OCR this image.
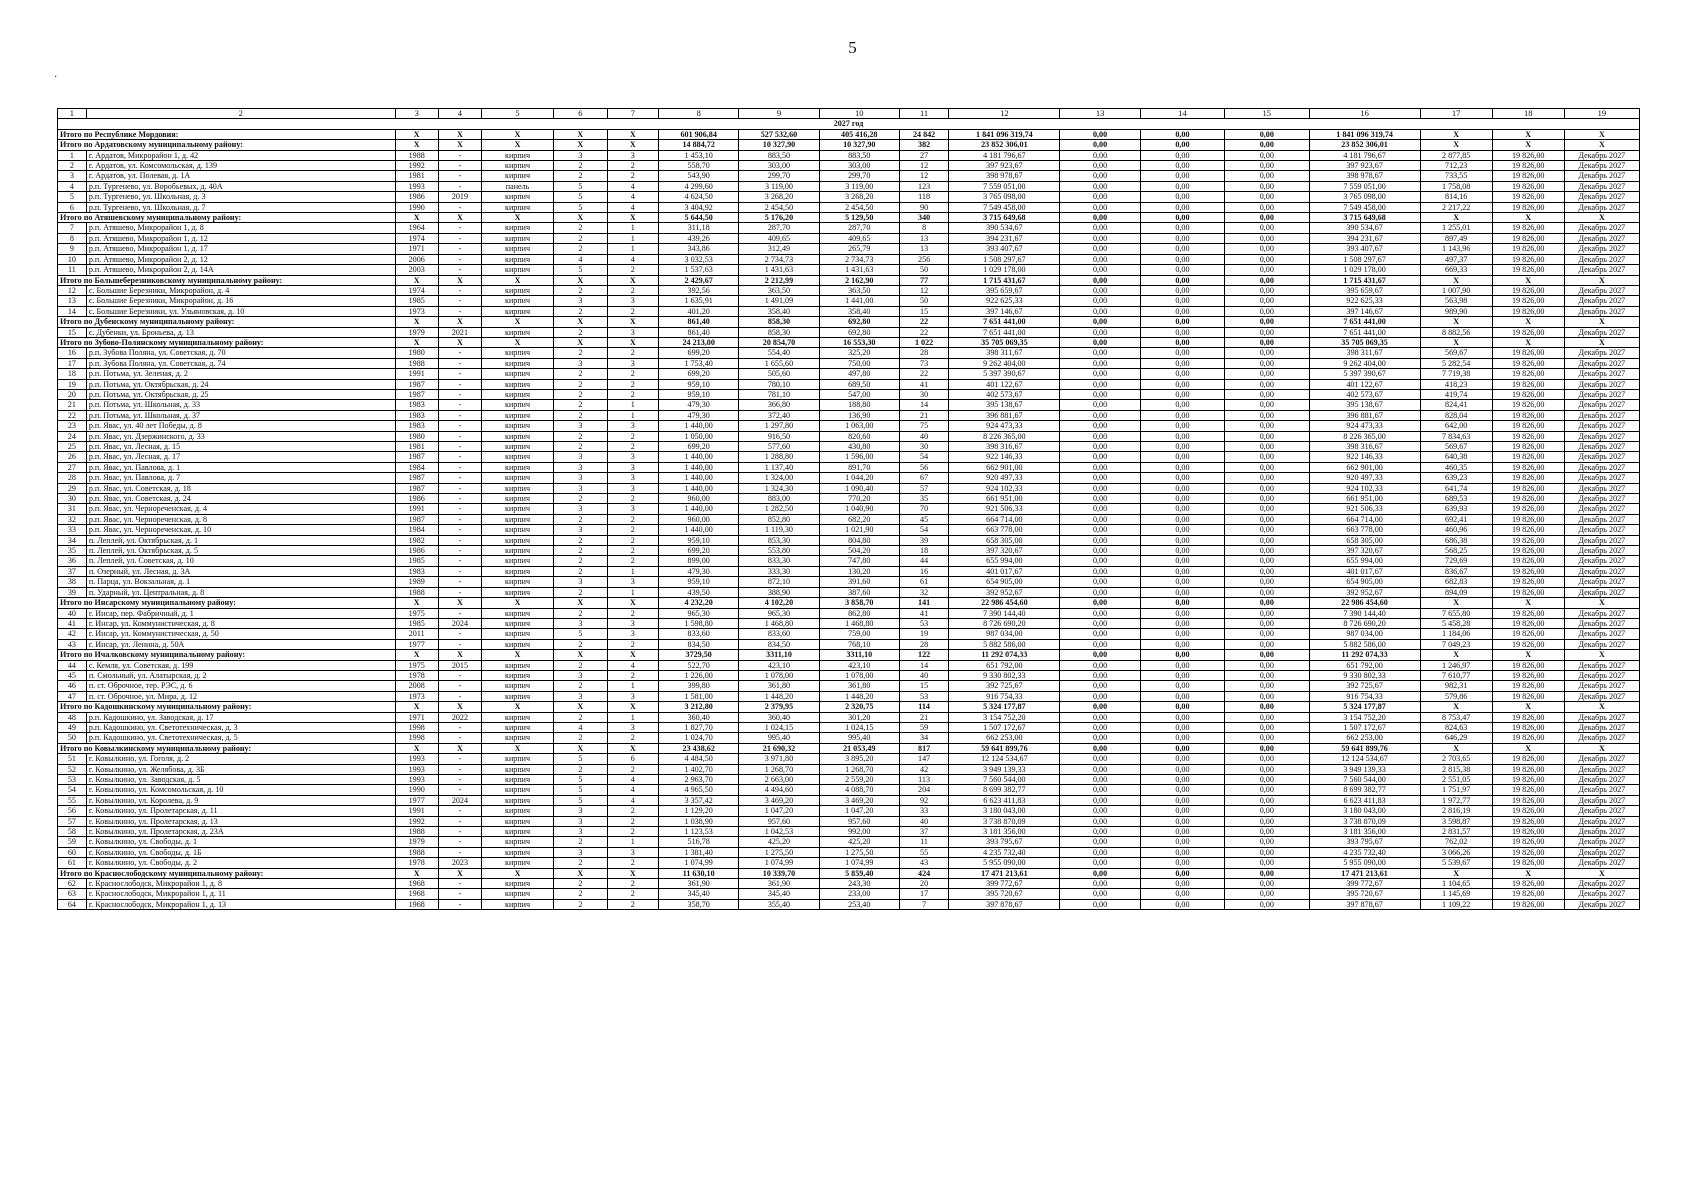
5
·
1	2	3	4	5	6	7	8	9	10	11	12	13	14	15	16	17	18	19
2027 год																		
Итого по Республике Мордовия:		X	X	X	X	X	601 906,84	527 532,60	405 416,28	24 842	1 841 096 319,74	0,00	0,00	0,00	1 841 096 319,74	X	X	X
Итого по Ардатовскому муниципальному району:		X	X	X	X	X	14 884,72	10 327,90	10 327,90	382	23 852 306,01	0,00	0,00	0,00	23 852 306,01	X	X	X
1	г. Ардатов, Микрорайон 1, д. 42	1988	-	кирпич	3	3	1 453,10	883,50	883,50	27	4 181 796,67	0,00	0,00	0,00	4 181 796,67	2 877,85	19 826,00	Декабрь 2027
2	г. Ардатов, ул. Комсомольская, д. 139	1992	-	кирпич	2	2	558,70	303,00	303,00	12	397 923,67	0,00	0,00	0,00	397 923,67	712,23	19 826,00	Декабрь 2027
3	г. Ардатов, ул. Полевая, д. 1А	1981	-	кирпич	2	2	543,90	299,70	299,70	12	398 978,67	0,00	0,00	0,00	398 978,67	733,55	19 826,00	Декабрь 2027
4	р.п. Тургенево, ул. Воробьевых, д. 40А	1993	-	панель	5	4	4 299,60	3 119,00	3 119,00	123	7 559 051,00	0,00	0,00	0,00	7 559 051,00	1 758,08	19 826,00	Декабрь 2027
5	р.п. Тургенево, ул. Школьная, д. 3	1986	2019	кирпич	5	4	4 624,50	3 268,20	3 268,20	118	3 765 098,00	0,00	0,00	0,00	3 765 098,00	814,16	19 826,00	Декабрь 2027
6	р.п. Тургенево, ул. Школьная, д. 7	1990	-	кирпич	5	4	3 404,92	2 454,50	2 454,50	90	7 549 458,00	0,00	0,00	0,00	7 549 458,00	2 217,22	19 826,00	Декабрь 2027
Итого по Атяшевскому муниципальному району:		X	X	X	X	X	5 644,50	5 176,20	5 129,50	340	3 715 649,68	0,00	0,00	0,00	3 715 649,68	X	X	X
7	р.п. Атяшево, Микрорайон 1, д. 8	1964	-	кирпич	2	1	311,18	287,70	287,70	8	390 534,67	0,00	0,00	0,00	390 534,67	1 255,01	19 826,00	Декабрь 2027
8	р.п. Атяшево, Микрорайон 1, д. 12	1974	-	кирпич	2	1	439,26	409,65	409,65	13	394 231,67	0,00	0,00	0,00	394 231,67	897,49	19 826,00	Декабрь 2027
9	р.п. Атяшево, Микрорайон 1, д. 17	1971	-	кирпич	2	1	343,86	312,49	265,79	13	393 407,67	0,00	0,00	0,00	393 407,67	1 143,96	19 826,00	Декабрь 2027
10	р.п. Атяшево, Микрорайон 2, д. 12	2006	-	кирпич	4	4	3 032,53	2 734,73	2 734,73	256	1 508 297,67	0,00	0,00	0,00	1 508 297,67	497,37	19 826,00	Декабрь 2027
11	р.п. Атяшево, Микрорайон 2, д. 14А	2003	-	кирпич	5	2	1 537,63	1 431,63	1 431,63	50	1 029 178,00	0,00	0,00	0,00	1 029 178,00	669,33	19 826,00	Декабрь 2027
Итого по Большеберезниковскому муниципальному району:		X	X	X	X	X	2 429,67	2 212,99	2 162,90	77	1 715 431,67	0,00	0,00	0,00	1 715 431,67	X	X	X
12	с. Большие Березники, Микрорайон, д. 4	1974	-	кирпич	2	2	392,56	363,50	363,50	12	395 659,67	0,00	0,00	0,00	395 659,67	1 007,90	19 826,00	Декабрь 2027
13	с. Большие Березники, Микрорайон, д. 16	1985	-	кирпич	3	3	1 635,91	1 491,09	1 441,00	50	922 625,33	0,00	0,00	0,00	922 625,33	563,98	19 826,00	Декабрь 2027
14	с. Большие Березники, ул. Ульяновская, д. 10	1973	-	кирпич	2	2	401,20	358,40	358,40	15	397 146,67	0,00	0,00	0,00	397 146,67	989,90	19 826,00	Декабрь 2027
Итого по Дубенскому муниципальному району:		X	X	X	X	X	861,40	858,30	692,80	22	7 651 441,00	0,00	0,00	0,00	7 651 441,00	X	X	X
15	с. Дубенки, ул. Броньева, д. 13	1979	2021	кирпич	2	3	861,40	858,30	692,80	22	7 651 441,00	0,00	0,00	0,00	7 651 441,00	8 882,56	19 826,00	Декабрь 2027
Итого по Зубово-Полянскому муниципальному району:		X	X	X	X	X	24 213,00	20 854,70	16 553,30	1 022	35 705 069,35	0,00	0,00	0,00	35 705 069,35	X	X	X
16	р.п. Зубова Поляна, ул. Советская, д. 70	1980	-	кирпич	2	2	699,20	554,40	325,20	28	398 311,67	0,00	0,00	0,00	398 311,67	569,67	19 826,00	Декабрь 2027
17	р.п. Зубова Поляна, ул. Советская, д. 74	1988	-	кирпич	3	3	1 753,40	1 655,60	750,00	73	9 262 404,00	0,00	0,00	0,00	9 262 404,00	5 282,54	19 826,00	Декабрь 2027
18	р.п. Потьма, ул. Зеленая, д. 2	1991	-	кирпич	2	2	699,20	505,60	497,80	22	5 397 390,67	0,00	0,00	0,00	5 397 390,67	7 719,38	19 826,00	Декабрь 2027
19	р.п. Потьма, ул. Октябрьская, д. 24	1987	-	кирпич	2	2	959,10	780,10	689,50	41	401 122,67	0,00	0,00	0,00	401 122,67	418,23	19 826,00	Декабрь 2027
20	р.п. Потьма, ул. Октябрьская, д. 25	1987	-	кирпич	2	2	959,10	781,10	547,00	30	402 573,67	0,00	0,00	0,00	402 573,67	419,74	19 826,00	Декабрь 2027
21	р.п. Потьма, ул. Школьная, д. 33	1983	-	кирпич	2	1	479,30	366,80	188,80	14	395 138,67	0,00	0,00	0,00	395 138,67	824,41	19 826,00	Декабрь 2027
22	р.п. Потьма, ул. Школьная, д. 37	1983	-	кирпич	2	1	479,30	372,40	136,90	21	396 881,67	0,00	0,00	0,00	396 881,67	828,04	19 826,00	Декабрь 2027
23	р.п. Явас, ул. 40 лет Победы, д. 8	1983	-	кирпич	3	3	1 440,00	1 297,80	1 063,00	75	924 473,33	0,00	0,00	0,00	924 473,33	642,00	19 826,00	Декабрь 2027
24	р.п. Явас, ул. Дзержинского, д. 33	1980	-	кирпич	2	2	1 050,00	916,50	820,60	40	8 226 365,00	0,00	0,00	0,00	8 226 365,00	7 834,63	19 826,00	Декабрь 2027
25	р.п. Явас, ул. Лесная, д. 15	1981	-	кирпич	2	2	699,20	577,60	430,80	30	398 316,67	0,00	0,00	0,00	398 316,67	569,67	19 826,00	Декабрь 2027
26	р.п. Явас, ул. Лесная, д. 17	1987	-	кирпич	3	3	1 440,00	1 288,80	1 596,00	54	922 146,33	0,00	0,00	0,00	922 146,33	640,38	19 826,00	Декабрь 2027
27	р.п. Явас, ул. Павлова, д. 1	1984	-	кирпич	3	3	1 440,00	1 137,40	891,70	56	662 901,00	0,00	0,00	0,00	662 901,00	460,35	19 826,00	Декабрь 2027
28	р.п. Явас, ул. Павлова, д. 7	1987	-	кирпич	3	3	1 440,00	1 324,00	1 044,20	67	920 497,33	0,00	0,00	0,00	920 497,33	639,23	19 826,00	Декабрь 2027
29	р.п. Явас, ул. Советская, д. 18	1987	-	кирпич	3	3	1 440,00	1 324,30	1 090,40	57	924 102,33	0,00	0,00	0,00	924 102,33	641,74	19 826,00	Декабрь 2027
30	р.п. Явас, ул. Советская, д. 24	1986	-	кирпич	2	2	960,00	883,00	770,20	35	661 951,00	0,00	0,00	0,00	661 951,00	689,53	19 826,00	Декабрь 2027
31	р.п. Явас, ул. Чернореченская, д. 4	1991	-	кирпич	3	3	1 440,00	1 282,50	1 040,90	70	921 506,33	0,00	0,00	0,00	921 506,33	639,93	19 826,00	Декабрь 2027
32	р.п. Явас, ул. Чернореченская, д. 8	1987	-	кирпич	2	2	960,00	852,80	682,20	45	664 714,00	0,00	0,00	0,00	664 714,00	692,41	19 826,00	Декабрь 2027
33	р.п. Явас, ул. Чернореченская, д. 10	1984	-	кирпич	3	2	1 440,00	1 119,30	1 021,90	54	663 778,00	0,00	0,00	0,00	663 778,00	460,96	19 826,00	Декабрь 2027
34	п. Леплей, ул. Октябрьская, д. 1	1982	-	кирпич	2	2	959,10	853,30	804,80	39	658 305,00	0,00	0,00	0,00	658 305,00	686,38	19 826,00	Декабрь 2027
35	п. Леплей, ул. Октябрьская, д. 5	1986	-	кирпич	2	2	699,20	553,80	504,20	18	397 320,67	0,00	0,00	0,00	397 320,67	568,25	19 826,00	Декабрь 2027
36	п. Леплей, ул. Советская, д. 10	1985	-	кирпич	2	2	899,00	833,30	747,80	44	655 994,00	0,00	0,00	0,00	655 994,00	729,69	19 826,00	Декабрь 2027
37	п. Озерный, ул. Лесная, д. 3А	1983	-	кирпич	2	1	479,30	333,30	130,20	16	401 017,67	0,00	0,00	0,00	401 017,67	836,67	19 826,00	Декабрь 2027
38	п. Парца, ул. Вокзальная, д. 1	1989	-	кирпич	3	3	959,10	872,10	391,60	61	654 905,00	0,00	0,00	0,00	654 905,00	682,83	19 826,00	Декабрь 2027
39	п. Ударный, ул. Центральная, д. 8	1988	-	кирпич	2	1	439,50	388,90	387,60	32	392 952,67	0,00	0,00	0,00	392 952,67	894,09	19 826,00	Декабрь 2027
Итого по Инсарскому муниципальному району:		X	X	X	X	X	4 232,20	4 102,20	3 858,70	141	22 986 454,60	0,00	0,00	0,00	22 986 454,60	X	X	X
40	г. Инсар, пер. Фабричный, д. 1	1975	-	кирпич	2	2	965,30	965,30	862,80	41	7 390 144,40	0,00	0,00	0,00	7 390 144,40	7 655,80	19 826,00	Декабрь 2027
41	г. Инсар, ул. Коммунистическая, д. 8	1985	2024	кирпич	3	3	1 598,80	1 468,80	1 468,80	53	8 726 690,20	0,00	0,00	0,00	8 726 690,20	5 458,28	19 826,00	Декабрь 2027
42	г. Инсар, ул. Коммунистическая, д. 50	2011	-	кирпич	5	3	833,60	833,60	759,00	19	987 034,00	0,00	0,00	0,00	987 034,00	1 184,06	19 826,00	Декабрь 2027
43	г. Инсар, ул. Ленина, д. 50А	1977	-	кирпич	2	2	834,50	834,50	768,10	28	5 882 586,00	0,00	0,00	0,00	5 882 586,00	7 049,23	19 826,00	Декабрь 2027
Итого по Ичалковскому муниципальному району:		X	X	X	X	X	3729,50	3311,10	3311,10	122	11 292 074,33	0,00	0,00	0,00	11 292 074,33	X	X	X
44	с. Кемля, ул. Советская, д. 199	1975	2015	кирпич	2	4	522,70	423,10	423,10	14	651 792,00	0,00	0,00	0,00	651 792,00	1 246,97	19 826,00	Декабрь 2027
45	п. Смольный, ул. Алатырская, д. 2	1978	-	кирпич	3	2	1 226,00	1 078,00	1 078,00	40	9 330 802,33	0,00	0,00	0,00	9 330 802,33	7 610,77	19 826,00	Декабрь 2027
46	п. ст. Оброчное, тер. РЭС, д. 6	2008	-	кирпич	2	1	399,80	361,80	361,80	15	392 725,67	0,00	0,00	0,00	392 725,67	982,31	19 826,00	Декабрь 2027
47	п. ст. Оброчное, ул. Мира, д. 12	1973	-	кирпич	3	3	1 581,00	1 448,20	1 448,20	53	916 754,33	0,00	0,00	0,00	916 754,33	579,86	19 826,00	Декабрь 2027
Итого по Кадошкинскому муниципальному району:		X	X	X	X	X	3 212,80	2 379,95	2 320,75	114	5 324 177,87	0,00	0,00	0,00	5 324 177,87	X	X	X
48	р.п. Кадошкино, ул. Заводская, д. 17	1971	2022	кирпич	2	1	360,40	360,40	301,20	21	3 154 752,20	0,00	0,00	0,00	3 154 752,20	8 753,47	19 826,00	Декабрь 2027
49	р.п. Кадошкино, ул. Светотехническая, д. 3	1998	-	кирпич	4	3	1 827,70	1 024,15	1 024,15	59	1 507 172,67	0,00	0,00	0,00	1 507 172,67	824,63	19 826,00	Декабрь 2027
50	р.п. Кадошкино, ул. Светотехническая, д. 5	1998	-	кирпич	2	2	1 024,70	995,40	995,40	34	662 253,00	0,00	0,00	0,00	662 253,00	646,29	19 826,00	Декабрь 2027
Итого по Ковылкинскому муниципальному району:		X	X	X	X	X	23 438,62	21 690,32	21 053,49	817	59 641 899,76	0,00	0,00	0,00	59 641 899,76	X	X	X
51	г. Ковылкино, ул. Гоголя, д. 2	1993	-	кирпич	5	6	4 484,50	3 971,80	3 895,20	147	12 124 534,67	0,00	0,00	0,00	12 124 534,67	2 703,65	19 826,00	Декабрь 2027
52	г. Ковылкино, ул. Желябова, д. 3Б	1993	-	кирпич	2	2	1 402,70	1 268,70	1 268,70	42	3 949 139,33	0,00	0,00	0,00	3 949 139,33	2 815,38	19 826,00	Декабрь 2027
53	г. Ковылкино, ул. Заводская, д. 5	1993	-	кирпич	5	4	2 963,70	2 663,00	2 559,20	113	7 560 544,00	0,00	0,00	0,00	7 560 544,00	2 551,05	19 826,00	Декабрь 2027
54	г. Ковылкино, ул. Комсомольская, д. 10	1990	-	кирпич	5	4	4 965,50	4 494,60	4 088,70	204	8 699 382,77	0,00	0,00	0,00	8 699 382,77	1 751,97	19 826,00	Декабрь 2027
55	г. Ковылкино, ул. Королева, д. 9	1977	2024	кирпич	5	4	3 357,42	3 469,20	3 469,20	92	6 623 411,83	0,00	0,00	0,00	6 623 411,83	1 972,77	19 826,00	Декабрь 2027
56	г. Ковылкино, ул. Пролетарская, д. 11	1991	-	кирпич	3	2	1 129,20	1 047,20	1 047,20	33	3 180 043,00	0,00	0,00	0,00	3 180 043,00	2 816,19	19 826,00	Декабрь 2027
57	г. Ковылкино, ул. Пролетарская, д. 13	1992	-	кирпич	3	2	1 038,90	957,60	957,60	40	3 738 870,09	0,00	0,00	0,00	3 738 870,09	3 598,87	19 826,00	Декабрь 2027
58	г. Ковылкино, ул. Пролетарская, д. 23А	1988	-	кирпич	3	2	1 123,53	1 042,53	992,00	37	3 181 356,00	0,00	0,00	0,00	3 181 356,00	2 831,57	19 826,00	Декабрь 2027
59	г. Ковылкино, ул. Свободы, д. 1	1979	-	кирпич	2	1	516,78	425,20	425,20	11	393 795,67	0,00	0,00	0,00	393 795,67	762,02	19 826,00	Декабрь 2027
60	г. Ковылкино, ул. Свободы, д. 1Б	1988	-	кирпич	3	3	1 381,40	1 275,50	1 275,50	55	4 235 732,40	0,00	0,00	0,00	4 235 732,40	3 066,26	19 826,00	Декабрь 2027
61	г. Ковылкино, ул. Свободы, д. 2	1978	2023	кирпич	2	2	1 074,99	1 074,99	1 074,99	43	5 955 090,00	0,00	0,00	0,00	5 955 090,00	5 539,67	19 826,00	Декабрь 2027
Итого по Краснослободскому муниципальному району:		X	X	X	X	X	11 630,10	10 339,70	5 859,40	424	17 471 213,61	0,00	0,00	0,00	17 471 213,61	X	X	X
62	г. Краснослободск, Микрорайон 1, д. 8	1968	-	кирпич	2	2	361,90	361,90	243,30	20	399 772,67	0,00	0,00	0,00	399 772,67	1 104,65	19 826,00	Декабрь 2027
63	г. Краснослободск, Микрорайон 1, д. 11	1968	-	кирпич	2	2	345,40	345,40	233,00	17	395 720,67	0,00	0,00	0,00	395 720,67	1 145,69	19 826,00	Декабрь 2027
64	г. Краснослободск, Микрорайон 1, д. 13	1968	-	кирпич	2	2	358,70	355,40	253,40	7	397 878,67	0,00	0,00	0,00	397 878,67	1 109,22	19 826,00	Декабрь 2027
